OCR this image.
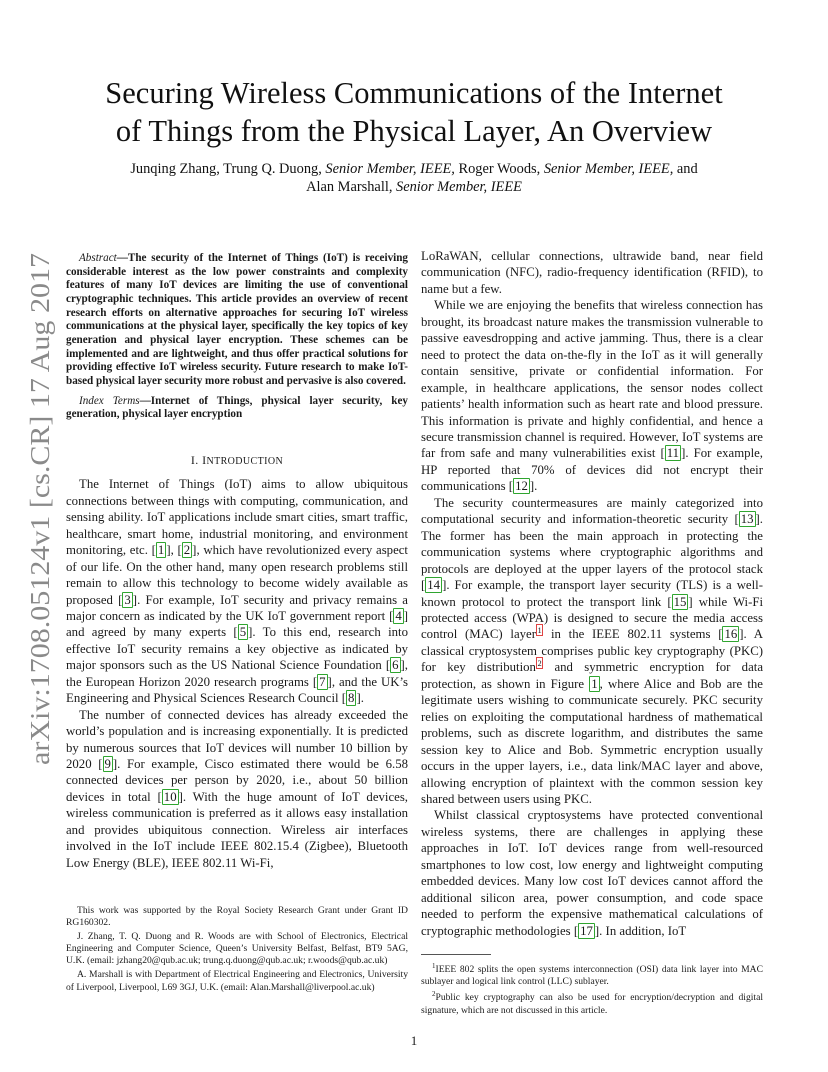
arXiv:1708.05124v1 [cs.CR] 17 Aug 2017
Securing Wireless Communications of the Internet
of Things from the Physical Layer, An Overview

Junqing Zhang, Trung Q. Duong, Senior Member, IEEE, Roger Woods, Senior Member, IEEE, and
Alan Marshall, Senior Member, IEEE

Abstract—The security of the Internet of Things (IoT) is receiving considerable interest as the low power constraints and complexity features of many IoT devices are limiting the use of conventional cryptographic techniques. This article provides an overview of recent research efforts on alternative approaches for securing IoT wireless communications at the physical layer, specifically the key topics of key generation and physical layer encryption. These schemes can be implemented and are lightweight, and thus offer practical solutions for providing effective IoT wireless security. Future research to make IoT-based physical layer security more robust and pervasive is also covered.

Index Terms—Internet of Things, physical layer security, key generation, physical layer encryption

I. INTRODUCTION

The Internet of Things (IoT) aims to allow ubiquitous connections between things with computing, communication, and sensing ability. IoT applications include smart cities, smart traffic, healthcare, smart home, industrial monitoring, and environment monitoring, etc. [ 1 ], [ 2 ], which have revolutionized every aspect of our life. On the other hand, many open research problems still remain to allow this technology to become widely available as proposed [ 3 ]. For example, IoT security and privacy remains a major concern as indicated by the UK IoT government report [ 4 ] and agreed by many experts [ 5 ]. To this end, research into effective IoT security remains a key objective as indicated by major sponsors such as the US National Science Foundation [ 6 ], the European Horizon 2020 research programs [ 7 ], and the UK’s Engineering and Physical Sciences Research Council [ 8 ].

The number of connected devices has already exceeded the world’s population and is increasing exponentially. It is predicted by numerous sources that IoT devices will number 10 billion by 2020 [ 9 ]. For example, Cisco estimated there would be 6.58 connected devices per person by 2020, i.e., about 50 billion devices in total [ 10 ]. With the huge amount of IoT devices, wireless communication is preferred as it allows easy installation and provides ubiquitous connection. Wireless air interfaces involved in the IoT include IEEE 802.15.4 (Zigbee), Bluetooth Low Energy (BLE), IEEE 802.11 Wi-Fi,

This work was supported by the Royal Society Research Grant under Grant ID RG160302.

J. Zhang, T. Q. Duong and R. Woods are with School of Electronics, Electrical Engineering and Computer Science, Queen’s University Belfast, Belfast, BT9 5AG, U.K. (email: jzhang20@qub.ac.uk; trung.q.duong@qub.ac.uk; r.woods@qub.ac.uk)

A. Marshall is with Department of Electrical Engineering and Electronics, University of Liverpool, Liverpool, L69 3GJ, U.K. (email: Alan.Marshall@liverpool.ac.uk)

LoRaWAN, cellular connections, ultrawide band, near field communication (NFC), radio-frequency identification (RFID), to name but a few.

While we are enjoying the benefits that wireless connection has brought, its broadcast nature makes the transmission vulnerable to passive eavesdropping and active jamming. Thus, there is a clear need to protect the data on-the-fly in the IoT as it will generally contain sensitive, private or confidential information. For example, in healthcare applications, the sensor nodes collect patients’ health information such as heart rate and blood pressure. This information is private and highly confidential, and hence a secure transmission channel is required. However, IoT systems are far from safe and many vulnerabilities exist [ 11 ]. For example, HP reported that 70% of devices did not encrypt their communications [ 12 ].

The security countermeasures are mainly categorized into computational security and information-theoretic security [ 13 ]. The former has been the main approach in protecting the communication systems where cryptographic algorithms and protocols are deployed at the upper layers of the protocol stack [ 14 ]. For example, the transport layer security (TLS) is a well-known protocol to protect the transport link [ 15 ] while Wi-Fi protected access (WPA) is designed to secure the media access control (MAC) layer $^1$ in the IEEE 802.11 systems [ 16 ]. A classical cryptosystem comprises public key cryptography (PKC) for key distribution $^2$ and symmetric encryption for data protection, as shown in Figure 1 , where Alice and Bob are the legitimate users wishing to communicate securely. PKC security relies on exploiting the computational hardness of mathematical problems, such as discrete logarithm, and distributes the same session key to Alice and Bob. Symmetric encryption usually occurs in the upper layers, i.e., data link/MAC layer and above, allowing encryption of plaintext with the common session key shared between users using PKC.

Whilst classical cryptosystems have protected conventional wireless systems, there are challenges in applying these approaches in IoT. IoT devices range from well-resourced smartphones to low cost, low energy and lightweight computing embedded devices. Many low cost IoT devices cannot afford the additional silicon area, power consumption, and code space needed to perform the expensive mathematical calculations of cryptographic methodologies [ 17 ]. In addition, IoT

$^1$IEEE 802 splits the open systems interconnection (OSI) data link layer into MAC sublayer and logical link control (LLC) sublayer.

$^2$Public key cryptography can also be used for encryption/decryption and digital signature, which are not discussed in this article.

1
